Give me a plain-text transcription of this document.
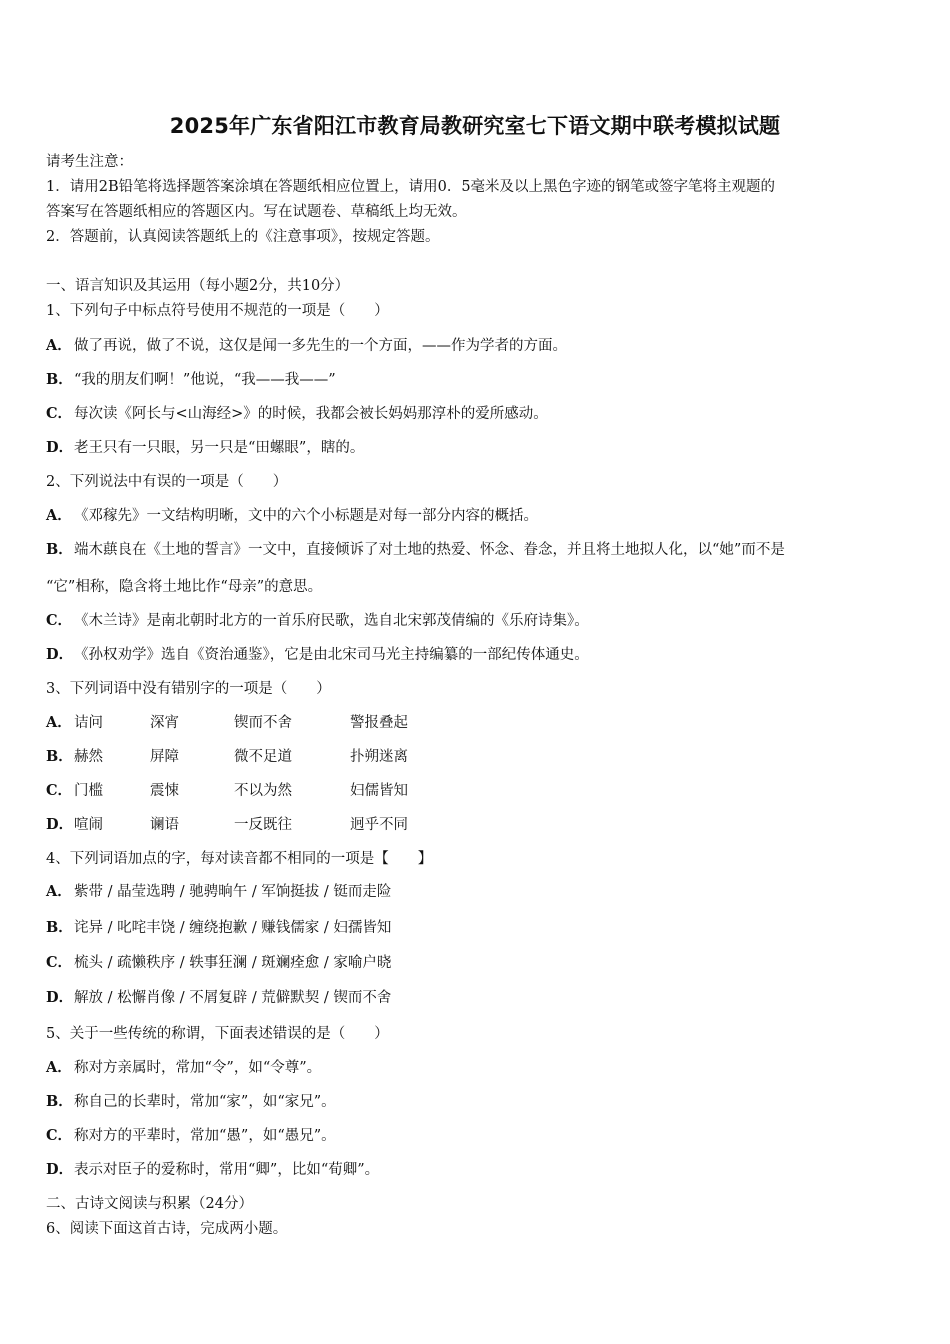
2025年广东省阳江市教育局教研究室七下语文期中联考模拟试题
请考生注意：
1．请用2B铅笔将选择题答案涂填在答题纸相应位置上，请用0．5毫米及以上黑色字迹的钢笔或签字笔将主观题的
答案写在答题纸相应的答题区内。写在试题卷、草稿纸上均无效。
2．答题前，认真阅读答题纸上的《注意事项》，按规定答题。
一、语言知识及其运用（每小题2分，共10分）
1、下列句子中标点符号使用不规范的一项是（　　）
A． 做了再说，做了不说，这仅是闻一多先生的一个方面，——作为学者的方面。
B．“我的朋友们啊！”他说，“我——我——”
C． 每次读《阿长与<山海经>》的时候，我都会被长妈妈那淳朴的爱所感动。
D．老王只有一只眼，另一只是“田螺眼”，瞎的。
2、下列说法中有误的一项是（　　）
A． 《邓稼先》一文结构明晰，文中的六个小标题是对每一部分内容的概括。
B．端木蕻良在《土地的誓言》一文中，直接倾诉了对土地的热爱、怀念、眷念，并且将土地拟人化，以“她”而不是
“它”相称，隐含将土地比作“母亲”的意思。
C． 《木兰诗》是南北朝时北方的一首乐府民歌，选自北宋郭茂倩编的《乐府诗集》。
D．《孙权劝学》选自《资治通鉴》，它是由北宋司马光主持编纂的一部纪传体通史。
3、下列词语中没有错别字的一项是（　　）
A． 诘问	深宵	锲而不舍	警报叠起
B．赫然	屏障	微不足道	扑朔迷离
C． 门槛	震悚	不以为然	妇儒皆知
D．喧闹	谰语	一反既往	迥乎不同
4、下列词语加点的字，每对读音都不相同的一项是【　　】
A． 紫带 / 晶莹选聘 / 驰骋晌午 / 军饷挺拔 / 铤而走险
B．诧异 / 叱咤丰饶 / 缠绕抱歉 / 赚钱儒家 / 妇孺皆知
C． 梳头 / 疏懒秩序 / 轶事狂澜 / 斑斓痊愈 / 家喻户晓
D．解放 / 松懈肖像 / 不屑复辟 / 荒僻默契 / 锲而不舍
5、关于一些传统的称谓，下面表述错误的是（　　）
A． 称对方亲属时，常加“令”，如“令尊”。
B．称自己的长辈时，常加“家”，如“家兄”。
C． 称对方的平辈时，常加“愚”，如“愚兄”。
D．表示对臣子的爱称时，常用“卿”，比如“荀卿”。
二、古诗文阅读与积累（24分）
6、阅读下面这首古诗，完成两小题。
